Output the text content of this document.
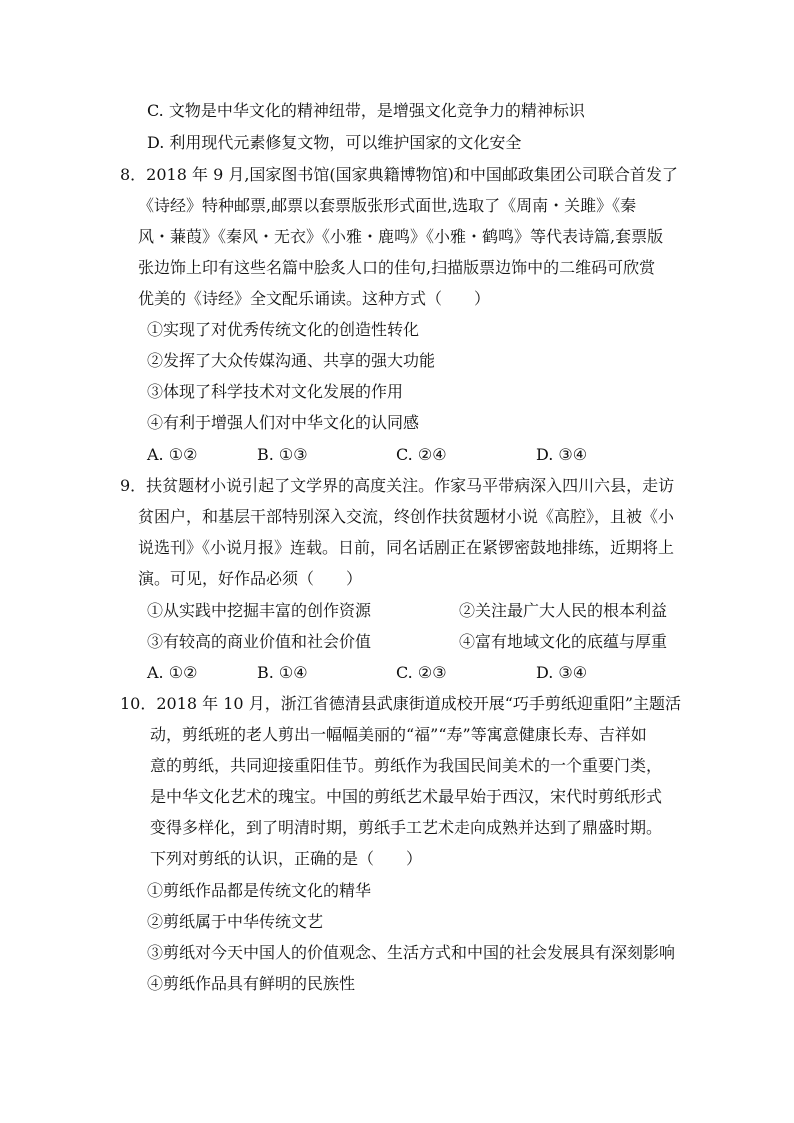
C. 文物是中华文化的精神纽带，是增强文化竞争力的精神标识
D. 利用现代元素修复文物，可以维护国家的文化安全
8．2018 年 9 月,国家图书馆(国家典籍博物馆)和中国邮政集团公司联合首发了
《诗经》特种邮票,邮票以套票版张形式面世,选取了《周南・关雎》《秦
风・蒹葭》《秦风・无衣》《小雅・鹿鸣》《小雅・鹤鸣》等代表诗篇,套票版
张边饰上印有这些名篇中脍炙人口的佳句,扫描版票边饰中的二维码可欣赏
优美的《诗经》全文配乐诵读。这种方式（　　）
①实现了对优秀传统文化的创造性转化
②发挥了大众传媒沟通、共享的强大功能
③体现了科学技术对文化发展的作用
④有利于增强人们对中华文化的认同感
A. ①②	B. ①③	C. ②④	D. ③④
9．扶贫题材小说引起了文学界的高度关注。作家马平带病深入四川六县，走访
贫困户，和基层干部特别深入交流，终创作扶贫题材小说《高腔》，且被《小
说选刊》《小说月报》连载。日前，同名话剧正在紧锣密鼓地排练，近期将上
演。可见，好作品必须（　　）
①从实践中挖掘丰富的创作资源	②关注最广大人民的根本利益
③有较高的商业价值和社会价值	④富有地域文化的底蕴与厚重
A. ①②	B. ①④	C. ②③	D. ③④
10．2018 年 10 月，浙江省德清县武康街道成校开展“巧手剪纸迎重阳”主题活
动，剪纸班的老人剪出一幅幅美丽的“福”“寿”等寓意健康长寿、吉祥如
意的剪纸，共同迎接重阳佳节。剪纸作为我国民间美术的一个重要门类，
是中华文化艺术的瑰宝。中国的剪纸艺术最早始于西汉，宋代时剪纸形式
变得多样化，到了明清时期，剪纸手工艺术走向成熟并达到了鼎盛时期。
下列对剪纸的认识，正确的是（　　）
①剪纸作品都是传统文化的精华
②剪纸属于中华传统文艺
③剪纸对今天中国人的价值观念、生活方式和中国的社会发展具有深刻影响
④剪纸作品具有鲜明的民族性
